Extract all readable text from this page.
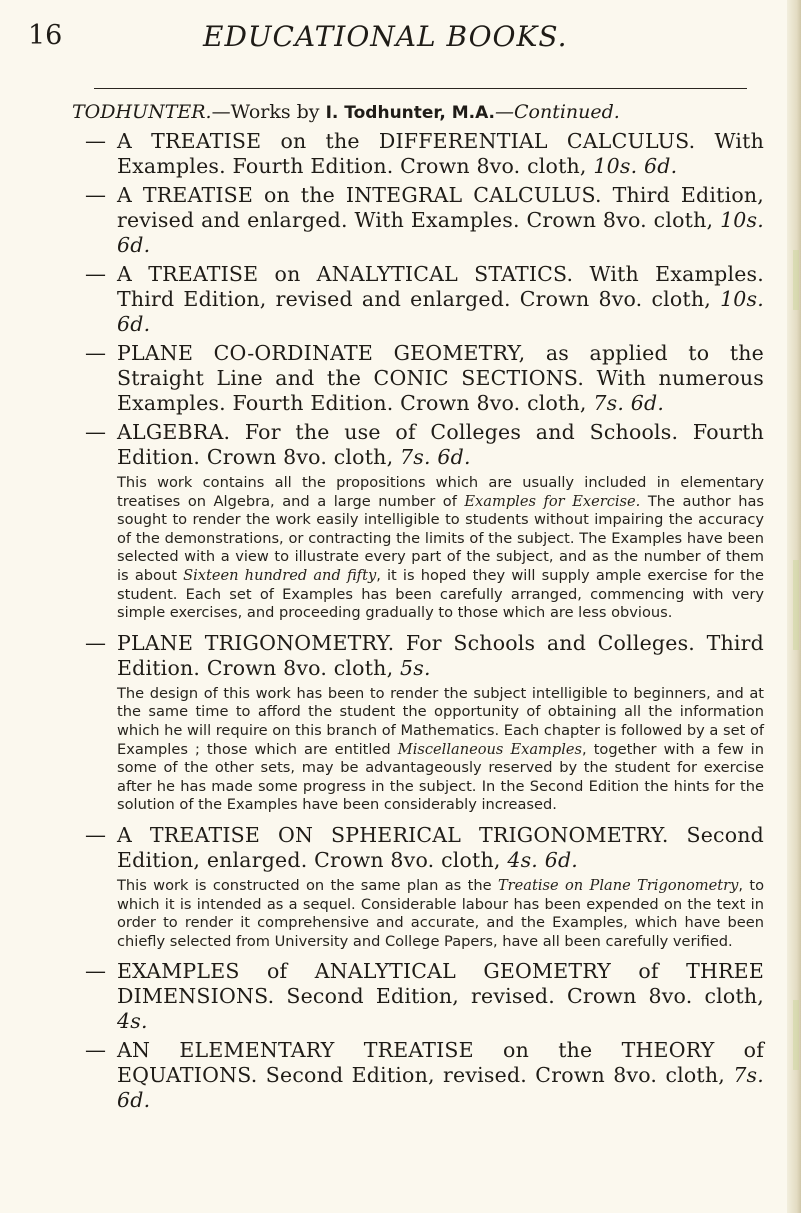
16	EDUCATIONAL BOOKS.
TODHUNTER.—Works by I. Todhunter, M.A.—Continued.
— A TREATISE on the DIFFERENTIAL CALCULUS. With Examples. Fourth Edition. Crown 8vo. cloth, 10s. 6d.
— A TREATISE on the INTEGRAL CALCULUS. Third Edition, revised and enlarged. With Examples. Crown 8vo. cloth, 10s. 6d.
— A TREATISE on ANALYTICAL STATICS. With Examples. Third Edition, revised and enlarged. Crown 8vo. cloth, 10s. 6d.
— PLANE CO-ORDINATE GEOMETRY, as applied to the Straight Line and the CONIC SECTIONS. With numerous Examples. Fourth Edition. Crown 8vo. cloth, 7s. 6d.
— ALGEBRA. For the use of Colleges and Schools. Fourth Edition. Crown 8vo. cloth, 7s. 6d.
This work contains all the propositions which are usually included in elementary treatises on Algebra, and a large number of Examples for Exercise. The author has sought to render the work easily intelligible to students without impairing the accuracy of the demonstrations, or contracting the limits of the subject. The Examples have been selected with a view to illustrate every part of the subject, and as the number of them is about Sixteen hundred and fifty, it is hoped they will supply ample exercise for the student. Each set of Examples has been carefully arranged, commencing with very simple exercises, and proceeding gradually to those which are less obvious.
— PLANE TRIGONOMETRY. For Schools and Colleges. Third Edition. Crown 8vo. cloth, 5s.
The design of this work has been to render the subject intelligible to beginners, and at the same time to afford the student the opportunity of obtaining all the information which he will require on this branch of Mathematics. Each chapter is followed by a set of Examples ; those which are entitled Miscellaneous Examples, together with a few in some of the other sets, may be advantageously reserved by the student for exercise after he has made some progress in the subject. In the Second Edition the hints for the solution of the Examples have been considerably increased.
— A TREATISE ON SPHERICAL TRIGONOMETRY. Second Edition, enlarged. Crown 8vo. cloth, 4s. 6d.
This work is constructed on the same plan as the Treatise on Plane Trigonometry, to which it is intended as a sequel. Considerable labour has been expended on the text in order to render it comprehensive and accurate, and the Examples, which have been chiefly selected from University and College Papers, have all been carefully verified.
— EXAMPLES of ANALYTICAL GEOMETRY of THREE DIMENSIONS. Second Edition, revised. Crown 8vo. cloth, 4s.
— AN ELEMENTARY TREATISE on the THEORY of EQUATIONS. Second Edition, revised. Crown 8vo. cloth, 7s. 6d.
